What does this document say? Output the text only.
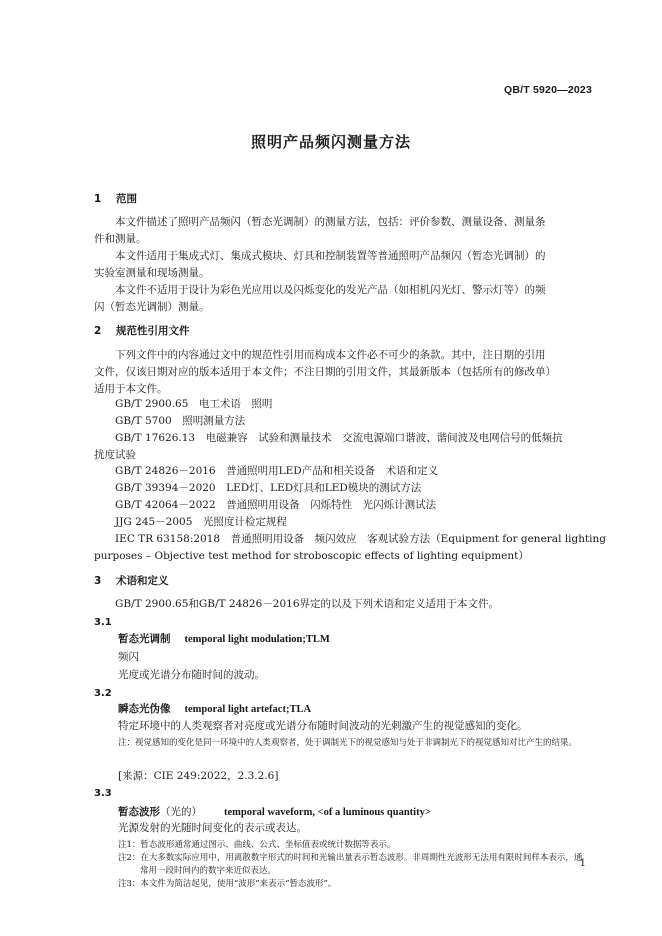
QB/T 5920—2023
照明产品频闪测量方法
1 范围
本文件描述了照明产品频闪（暂态光调制）的测量方法，包括：评价参数、测量设备、测量条
件和测量。
本文件适用于集成式灯、集成式模块、灯具和控制装置等普通照明产品频闪（暂态光调制）的
实验室测量和现场测量。
本文件不适用于设计为彩色光应用以及闪烁变化的发光产品（如相机闪光灯、警示灯等）的频
闪（暂态光调制）测量。
2 规范性引用文件
下列文件中的内容通过文中的规范性引用而构成本文件必不可少的条款。其中，注日期的引用
文件，仅该日期对应的版本适用于本文件；不注日期的引用文件，其最新版本（包括所有的修改单）
适用于本文件。
GB/T 2900.65　电工术语　照明
GB/T 5700　照明测量方法
GB/T 17626.13　电磁兼容　试验和测量技术　交流电源端口谐波、谐间波及电网信号的低频抗
扰度试验
GB/T 24826－2016　普通照明用LED产品和相关设备　术语和定义
GB/T 39394－2020　LED灯、LED灯具和LED模块的测试方法
GB/T 42064－2022　普通照明用设备　闪烁特性　光闪烁计测试法
JJG 245－2005　光照度计检定规程
IEC TR 63158:2018　普通照明用设备　频闪效应　客观试验方法（Equipment for general lighting
purposes – Objective test method for stroboscopic effects of lighting equipment）
3 术语和定义
GB/T 2900.65和GB/T 24826－2016界定的以及下列术语和定义适用于本文件。
3.1
暂态光调制 temporal light modulation;TLM
频闪
光度或光谱分布随时间的波动。
3.2
瞬态光伪像 temporal light artefact;TLA
特定环境中的人类观察者对亮度或光谱分布随时间波动的光刺激产生的视觉感知的变化。
注：视觉感知的变化是同一环境中的人类观察者，处于调制光下的视觉感知与处于非调制光下的视觉感知对比产生的结果。
[来源：CIE 249:2022，2.3.2.6]
3.3
暂态波形（光的） temporal waveform, <of a luminous quantity>
光源发射的光随时间变化的表示或表达。
注1：暂态波形通常通过图示、曲线、公式、坐标值表或统计数据等表示。
注2：在大多数实际应用中，用离散数字形式的时间和光输出量表示暂态波形。非周期性光波形无法用有限时间样本表示，通常用一段时间内的数字来近似表达。
注3：本文件为简洁起见，使用“波形”来表示“暂态波形”。
1
